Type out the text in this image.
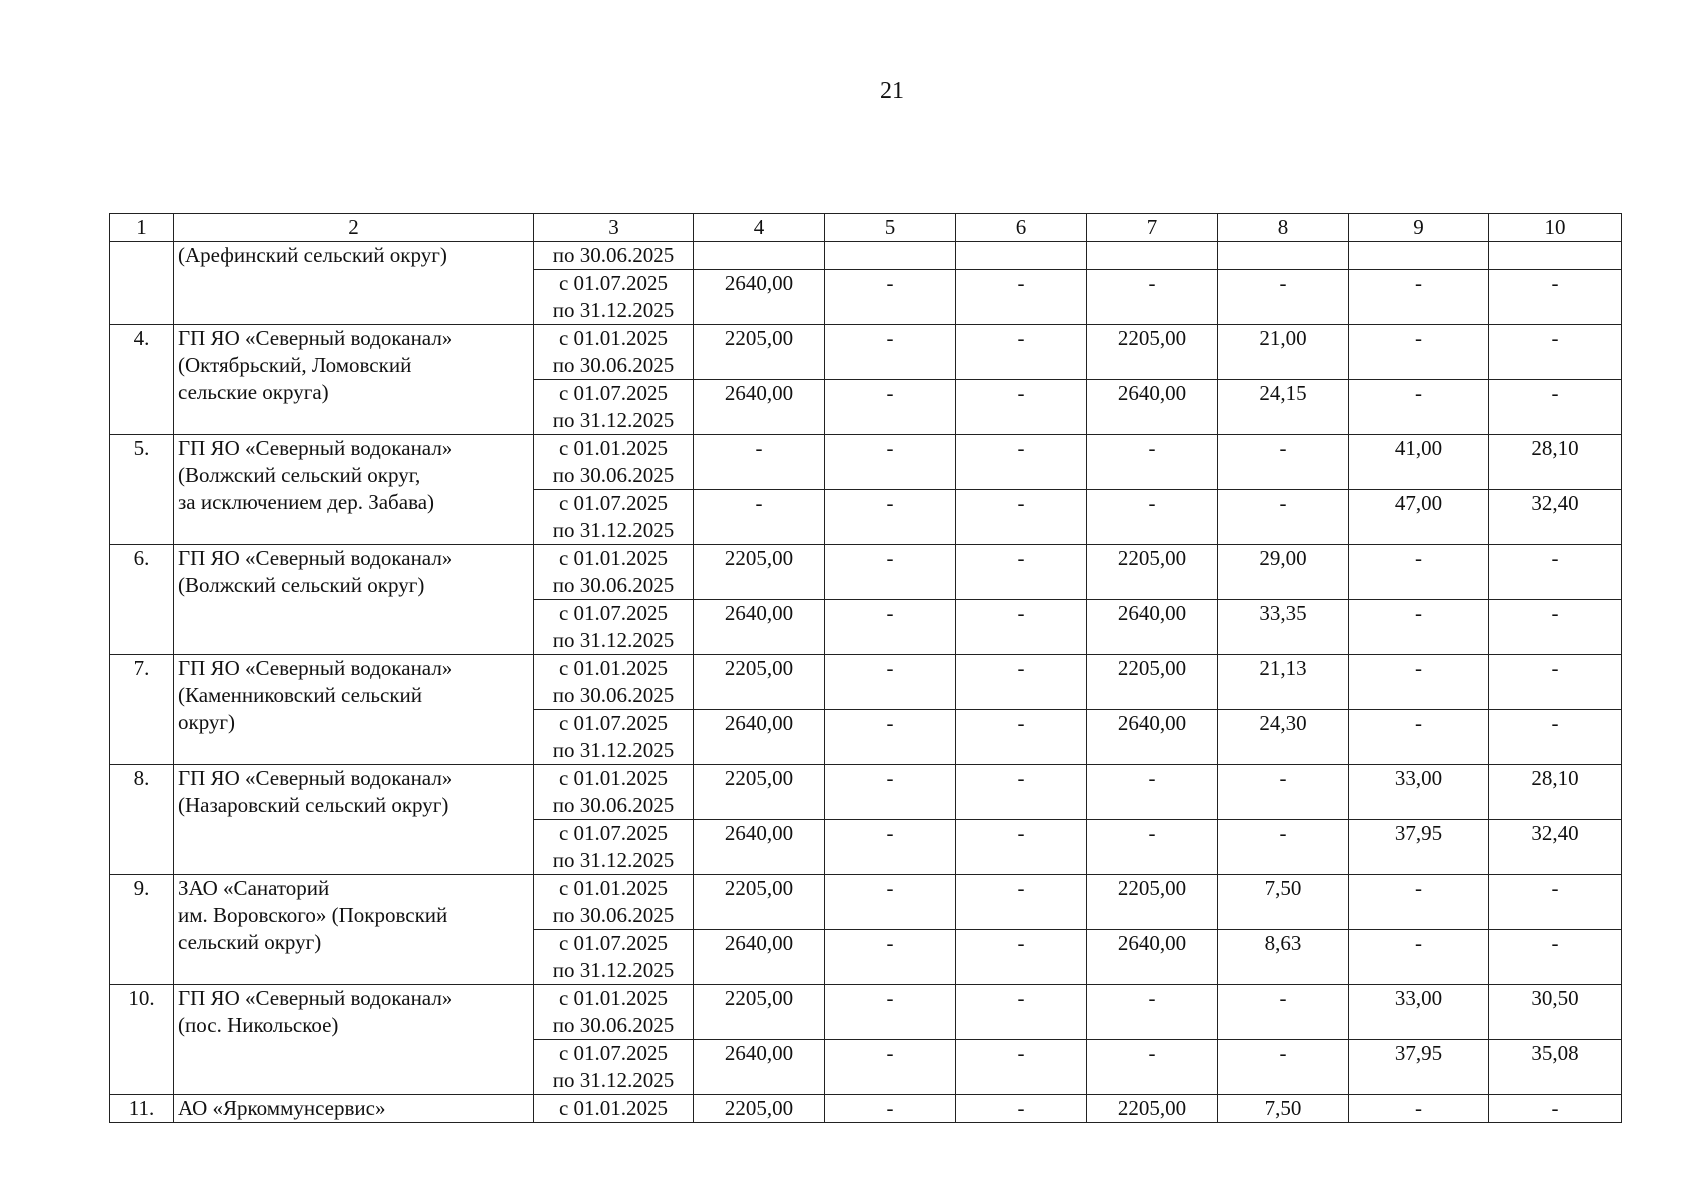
21
1	2	3	4	5	6	7	8	9	10

	(Арефинский сельский округ)	по 30.06.2025							

		с 01.07.2025
по 31.12.2025	2640,00	-	-	-	-	-	-
4.	ГП ЯО «Северный водоканал»
(Октябрьский, Ломовский
сельские округа)	с 01.01.2025
по 30.06.2025	2205,00	-	-	2205,00	21,00	-	-

		с 01.07.2025
по 31.12.2025	2640,00	-	-	2640,00	24,15	-	-
5.	ГП ЯО «Северный водоканал»
(Волжский сельский округ,
за исключением дер. Забава)	с 01.01.2025
по 30.06.2025	-	-	-	-	-	41,00	28,10

		с 01.07.2025
по 31.12.2025	-	-	-	-	-	47,00	32,40
6.	ГП ЯО «Северный водоканал»
(Волжский сельский округ)	с 01.01.2025
по 30.06.2025	2205,00	-	-	2205,00	29,00	-	-

		с 01.07.2025
по 31.12.2025	2640,00	-	-	2640,00	33,35	-	-
7.	ГП ЯО «Северный водоканал»
(Каменниковский сельский
округ)	с 01.01.2025
по 30.06.2025	2205,00	-	-	2205,00	21,13	-	-

		с 01.07.2025
по 31.12.2025	2640,00	-	-	2640,00	24,30	-	-
8.	ГП ЯО «Северный водоканал»
(Назаровский сельский округ)	с 01.01.2025
по 30.06.2025	2205,00	-	-	-	-	33,00	28,10

		с 01.07.2025
по 31.12.2025	2640,00	-	-	-	-	37,95	32,40
9.	ЗАО «Санаторий
им. Воровского» (Покровский
сельский округ)	с 01.01.2025
по 30.06.2025	2205,00	-	-	2205,00	7,50	-	-

		с 01.07.2025
по 31.12.2025	2640,00	-	-	2640,00	8,63	-	-
10.	ГП ЯО «Северный водоканал»
(пос. Никольское)	с 01.01.2025
по 30.06.2025	2205,00	-	-	-	-	33,00	30,50

		с 01.07.2025
по 31.12.2025	2640,00	-	-	-	-	37,95	35,08
11.	АО «Яркоммунсервис»	с 01.01.2025	2205,00	-	-	2205,00	7,50	-	-
